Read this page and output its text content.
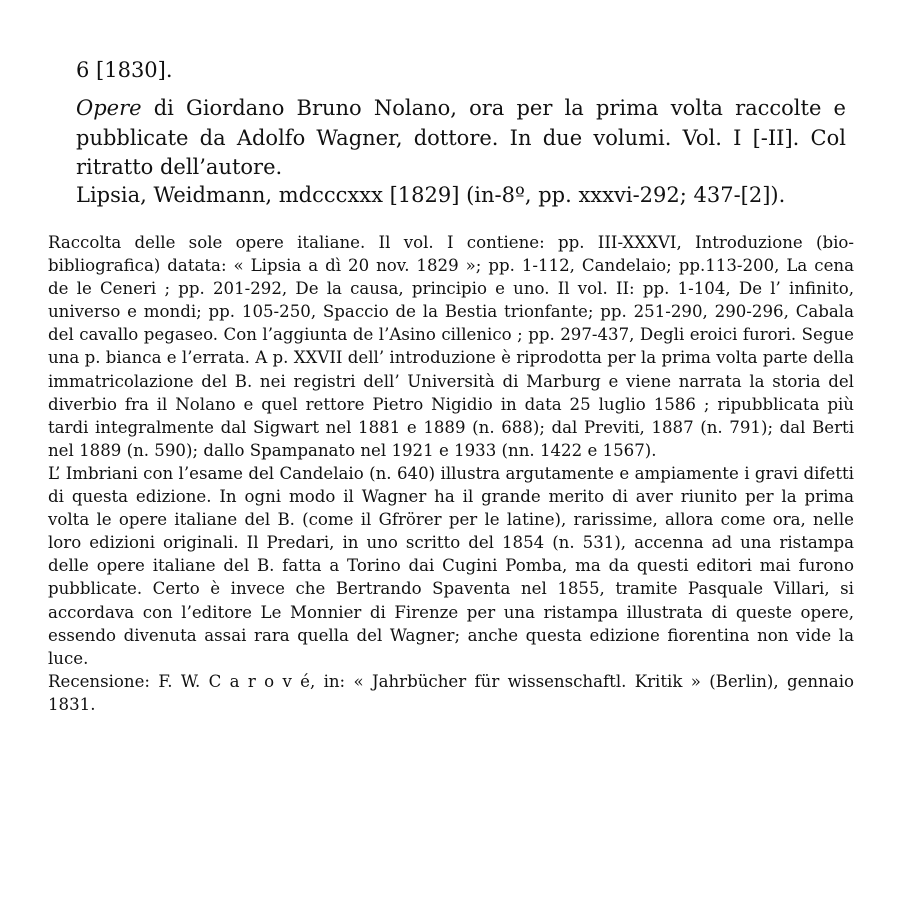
6 [1830].

Opere di Giordano Bruno Nolano, ora per la prima volta raccolte e pubblicate da Adolfo Wagner, dottore. In due volumi. Vol. I [-II]. Col ritratto dell’autore.

Lipsia, Weidmann, mdcccxxx [1829] (in-8º, pp. xxxvi-292; 437-[2]).

Raccolta delle sole opere italiane. Il vol. I contiene: pp. III-XXXVI, Introduzione (bio-bibliografica) datata: « Lipsia a dì 20 nov. 1829 »; pp. 1-112, Candelaio; pp.113-200, La cena de le Ceneri ; pp. 201-292, De la causa, principio e uno. Il vol. II: pp. 1-104, De l’ infinito, universo e mondi; pp. 105-250, Spaccio de la Bestia trionfante; pp. 251-290, 290-296, Cabala del cavallo pegaseo. Con l’aggiunta de l’Asino cillenico ; pp. 297-437, Degli eroici furori. Segue una p. bianca e l’errata. A p. XXVII dell’ introduzione è riprodotta per la prima volta parte della immatricolazione del B. nei registri dell’ Università di Marburg e viene narrata la storia del diverbio fra il Nolano e quel rettore Pietro Nigidio in data 25 luglio 1586 ; ripubblicata più tardi integralmente dal Sigwart nel 1881 e 1889 (n. 688); dal Previti, 1887 (n. 791); dal Berti nel 1889 (n. 590); dallo Spampanato nel 1921 e 1933 (nn. 1422 e 1567).

L’ Imbriani con l’esame del Candelaio (n. 640) illustra argutamente e ampiamente i gravi difetti di questa edizione. In ogni modo il Wagner ha il grande merito di aver riunito per la prima volta le opere italiane del B. (come il Gfrörer per le latine), rarissime, allora come ora, nelle loro edizioni originali. Il Predari, in uno scritto del 1854 (n. 531), accenna ad una ristampa delle opere italiane del B. fatta a Torino dai Cugini Pomba, ma da questi editori mai furono pubblicate. Certo è invece che Bertrando Spaventa nel 1855, tramite Pasquale Villari, si accordava con l’editore Le Monnier di Firenze per una ristampa illustrata di queste opere, essendo divenuta assai rara quella del Wagner; anche questa edizione fiorentina non vide la luce.

Recensione: F. W. C a r o v é, in: « Jahrbücher für wissenschaftl. Kritik » (Berlin), gennaio 1831.
